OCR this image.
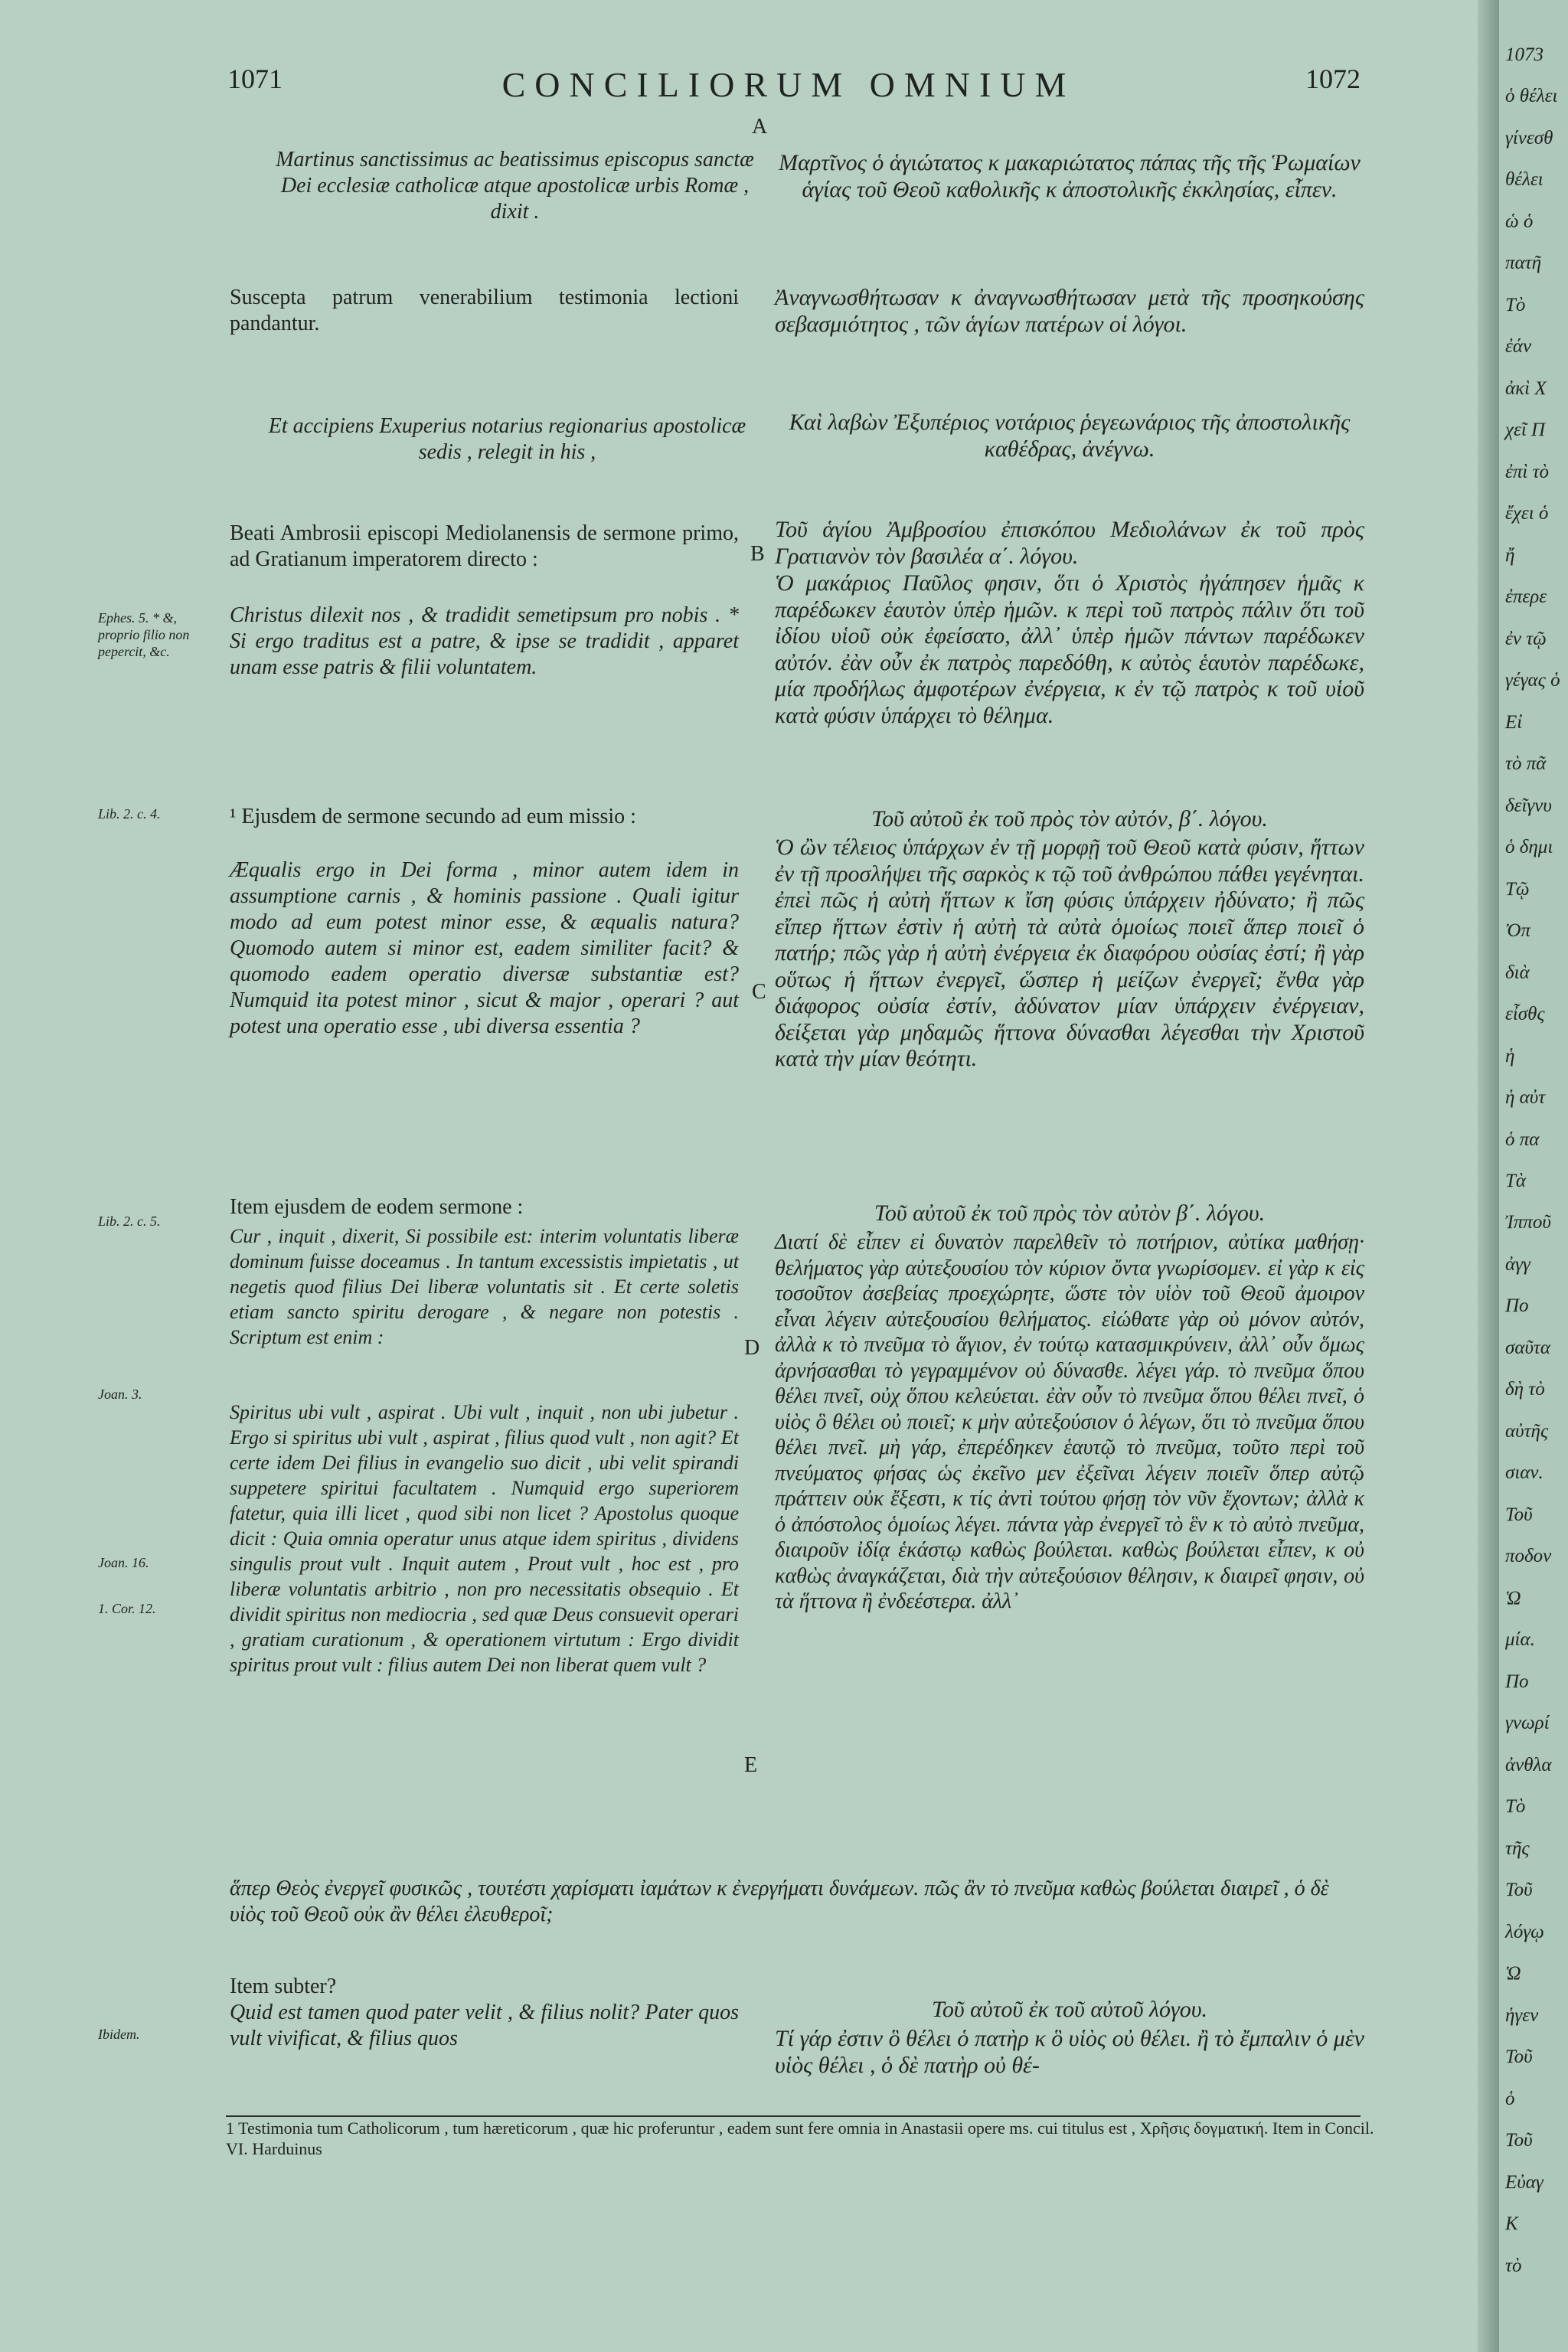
1073
ὁ θέλει
γίνεσθ
θέλει
ὡ ὁ
πατῆ
Τὸ
ἐάν
ἀκὶ Χ
χεῖ Π
ἐπὶ τὸ
ἔχει ὁ
ἤ
ἐπερε
ἐν τῷ
γέγας ὁ
Εἰ
τὸ πᾶ
δεῖγνυ
ὁ δημι
Τῷ
Ὀπ
διὰ
εἶσθς
ἡ
ἡ αὐτ
ὁ πα
Τὰ
Ἰπποῦ
ἀγγ
Πο
σαῦτα
δὴ τὸ
αὐτῆς
σιαν.
Τοῦ
ποδον
Ὡ
μία.
Πο
γνωρί
ἀνθλα
Τὸ
τῆς
Τοῦ
λόγῳ
Ὡ
ἡγεν
Τοῦ
ὁ
Τοῦ
Εὐαγ
Κ
τὸ
1071	CONCILIORUM OMNIUM	1072
A
B
C
D
E
Martinus sanctissimus ac beatissimus episcopus sanctæ Dei ecclesiæ catholicæ atque apostolicæ urbis Romæ , dixit .
Suscepta patrum venerabilium testimonia lectioni pandantur.
Et accipiens Exuperius notarius regionarius apostolicæ sedis , relegit in his ,
Beati Ambrosii episcopi Mediolanensis de sermone primo, ad Gratianum imperatorem directo :
Christus dilexit nos , & tradidit semetipsum pro nobis . * Si ergo traditus est a patre, & ipse se tradidit , apparet unam esse patris & filii voluntatem.
¹ Ejusdem de sermone secundo ad eum missio :
Æqualis ergo in Dei forma , minor autem idem in assumptione carnis , & hominis passione . Quali igitur modo ad eum potest minor esse, & æqualis natura? Quomodo autem si minor est, eadem similiter facit? & quomodo eadem operatio diversæ substantiæ est? Numquid ita potest minor , sicut & major , operari ? aut potest una operatio esse , ubi diversa essentia ?
Item ejusdem de eodem sermone :
Cur , inquit , dixerit, Si possibile est: interim voluntatis liberæ dominum fuisse doceamus . In tantum excessistis impietatis , ut negetis quod filius Dei liberæ voluntatis sit . Et certe soletis etiam sancto spiritu derogare , & negare non potestis . Scriptum est enim :
Spiritus ubi vult , aspirat . Ubi vult , inquit , non ubi jubetur . Ergo si spiritus ubi vult , aspirat , filius quod vult , non agit? Et certe idem Dei filius in evangelio suo dicit , ubi velit spirandi suppetere spiritui facultatem . Numquid ergo superiorem fatetur, quia illi licet , quod sibi non licet ? Apostolus quoque dicit : Quia omnia operatur unus atque idem spiritus , dividens singulis prout vult . Inquit autem , Prout vult , hoc est , pro liberæ voluntatis arbitrio , non pro necessitatis obsequio . Et dividit spiritus non mediocria , sed quæ Deus consuevit operari , gratiam curationum , & operationem virtutum : Ergo dividit spiritus prout vult : filius autem Dei non liberat quem vult ?
ἅπερ Θεὸς ἐνεργεῖ φυσικῶς , τουτέστι χαρίσματι ἰαμάτων κ ἐνεργήματι δυνάμεων. πῶς ἂν τὸ πνεῦμα καθὼς βούλεται διαιρεῖ , ὁ δὲ υἱὸς τοῦ Θεοῦ οὐκ ἂν θέλει ἐλευθεροῖ;
Item subter?
Quid est tamen quod pater velit , & filius nolit? Pater quos vult vivificat, & filius quos
Μαρτῖνος ὁ ἁγιώτατος κ μακαριώτατος πάπας τῆς τῆς Ῥωμαίων ἁγίας τοῦ Θεοῦ καθολικῆς κ ἀποστολικῆς ἐκκλησίας, εἶπεν.
Ἀναγνωσθήτωσαν κ ἀναγνωσθήτωσαν μετὰ τῆς προσηκούσης σεβασμιότητος , τῶν ἁγίων πατέρων οἱ λόγοι.
Καὶ λαβὼν Ἐξυπέριος νοτάριος ῥεγεωνάριος τῆς ἀποστολικῆς καθέδρας, ἀνέγνω.
Τοῦ ἁγίου Ἀμβροσίου ἐπισκόπου Μεδιολάνων ἐκ τοῦ πρὸς Γρατιανὸν τὸν βασιλέα α΄. λόγου.
Ὁ μακάριος Παῦλος φησιν, ὅτι ὁ Χριστὸς ἠγάπησεν ἡμᾶς κ παρέδωκεν ἑαυτὸν ὑπὲρ ἡμῶν. κ περὶ τοῦ πατρὸς πάλιν ὅτι τοῦ ἰδίου υἱοῦ οὐκ ἐφείσατο, ἀλλ᾿ ὑπὲρ ἡμῶν πάντων παρέδωκεν αὐτόν. ἐὰν οὖν ἐκ πατρὸς παρεδόθη, κ αὐτὸς ἑαυτὸν παρέδωκε, μία προδήλως ἀμφοτέρων ἐνέργεια, κ ἐν τῷ πατρὸς κ τοῦ υἱοῦ κατὰ φύσιν ὑπάρχει τὸ θέλημα.
Τοῦ αὐτοῦ ἐκ τοῦ πρὸς τὸν αὐτόν, β΄. λόγου.
Ὁ ὢν τέλειος ὑπάρχων ἐν τῇ μορφῇ τοῦ Θεοῦ κατὰ φύσιν, ἥττων ἐν τῇ προσλήψει τῆς σαρκὸς κ τῷ τοῦ ἀνθρώπου πάθει γεγένηται. ἐπεὶ πῶς ἡ αὐτὴ ἥττων κ ἴση φύσις ὑπάρχειν ἠδύνατο; ἢ πῶς εἴπερ ἥττων ἐστὶν ἡ αὐτὴ τὰ αὐτὰ ὁμοίως ποιεῖ ἅπερ ποιεῖ ὁ πατήρ; πῶς γὰρ ἡ αὐτὴ ἐνέργεια ἐκ διαφόρου οὐσίας ἐστί; ἢ γὰρ οὕτως ἡ ἥττων ἐνεργεῖ, ὥσπερ ἡ μείζων ἐνεργεῖ; ἔνθα γὰρ διάφορος οὐσία ἐστίν, ἀδύνατον μίαν ὑπάρχειν ἐνέργειαν, δείξεται γὰρ μηδαμῶς ἥττονα δύνασθαι λέγεσθαι τὴν Χριστοῦ κατὰ τὴν μίαν θεότητι.
Τοῦ αὐτοῦ ἐκ τοῦ πρὸς τὸν αὐτὸν β΄. λόγου.
Διατί δὲ εἶπεν εἰ δυνατὸν παρελθεῖν τὸ ποτήριον, αὐτίκα μαθήσῃ· θελήματος γὰρ αὐτεξουσίου τὸν κύριον ὄντα γνωρίσομεν. εἰ γὰρ κ εἰς τοσοῦτον ἀσεβείας προεχώρητε, ὥστε τὸν υἱὸν τοῦ Θεοῦ ἀμοιρον εἶναι λέγειν αὐτεξουσίου θελήματος. εἰώθατε γὰρ οὐ μόνον αὐτόν, ἀλλὰ κ τὸ πνεῦμα τὸ ἅγιον, ἐν τούτῳ κατασμικρύνειν, ἀλλ᾿ οὖν ὅμως ἀρνήσασθαι τὸ γεγραμμένον οὐ δύνασθε. λέγει γάρ. τὸ πνεῦμα ὅπου θέλει πνεῖ, οὐχ ὅπου κελεύεται. ἐὰν οὖν τὸ πνεῦμα ὅπου θέλει πνεῖ, ὁ υἱὸς ὃ θέλει οὐ ποιεῖ; κ μὴν αὐτεξούσιον ὁ λέγων, ὅτι τὸ πνεῦμα ὅπου θέλει πνεῖ. μὴ γάρ, ἐπερέδηκεν ἑαυτῷ τὸ πνεῦμα, τοῦτο περὶ τοῦ πνεύματος φήσας ὡς ἐκεῖνο μεν ἐξεῖναι λέγειν ποιεῖν ὅπερ αὐτῷ πράττειν οὐκ ἔξεστι, κ τίς ἀντὶ τούτου φήσῃ τὸν νῦν ἔχοντων; ἀλλὰ κ ὁ ἀπόστολος ὁμοίως λέγει. πάντα γὰρ ἐνεργεῖ τὸ ἓν κ τὸ αὐτὸ πνεῦμα, διαιροῦν ἰδίᾳ ἑκάστῳ καθὼς βούλεται. καθὼς βούλεται εἶπεν, κ οὐ καθὼς ἀναγκάζεται, διὰ τὴν αὐτεξούσιον θέλησιν, κ διαιρεῖ φησιν, οὐ τὰ ἥττονα ἢ ἐνδεέστερα. ἀλλ᾿
Τοῦ αὐτοῦ ἐκ τοῦ αὐτοῦ λόγου.
Τί γάρ ἐστιν ὃ θέλει ὁ πατὴρ κ ὃ υἱὸς οὐ θέλει. ἢ τὸ ἔμπαλιν ὁ μὲν υἱὸς θέλει , ὁ δὲ πατὴρ οὐ θέ-
Ephes. 5. * &, proprio filio non pepercit, &c.
Lib. 2. c. 4.
Lib. 2. c. 5.
Joan. 3.
Joan. 16.
1. Cor. 12.
Ibidem.
1 Testimonia tum Catholicorum , tum hæreticorum , quæ hic proferuntur , eadem sunt fere omnia in Anastasii opere ms. cui titulus est , Χρῆσις δογματική. Item in Concil. VI. Harduinus
